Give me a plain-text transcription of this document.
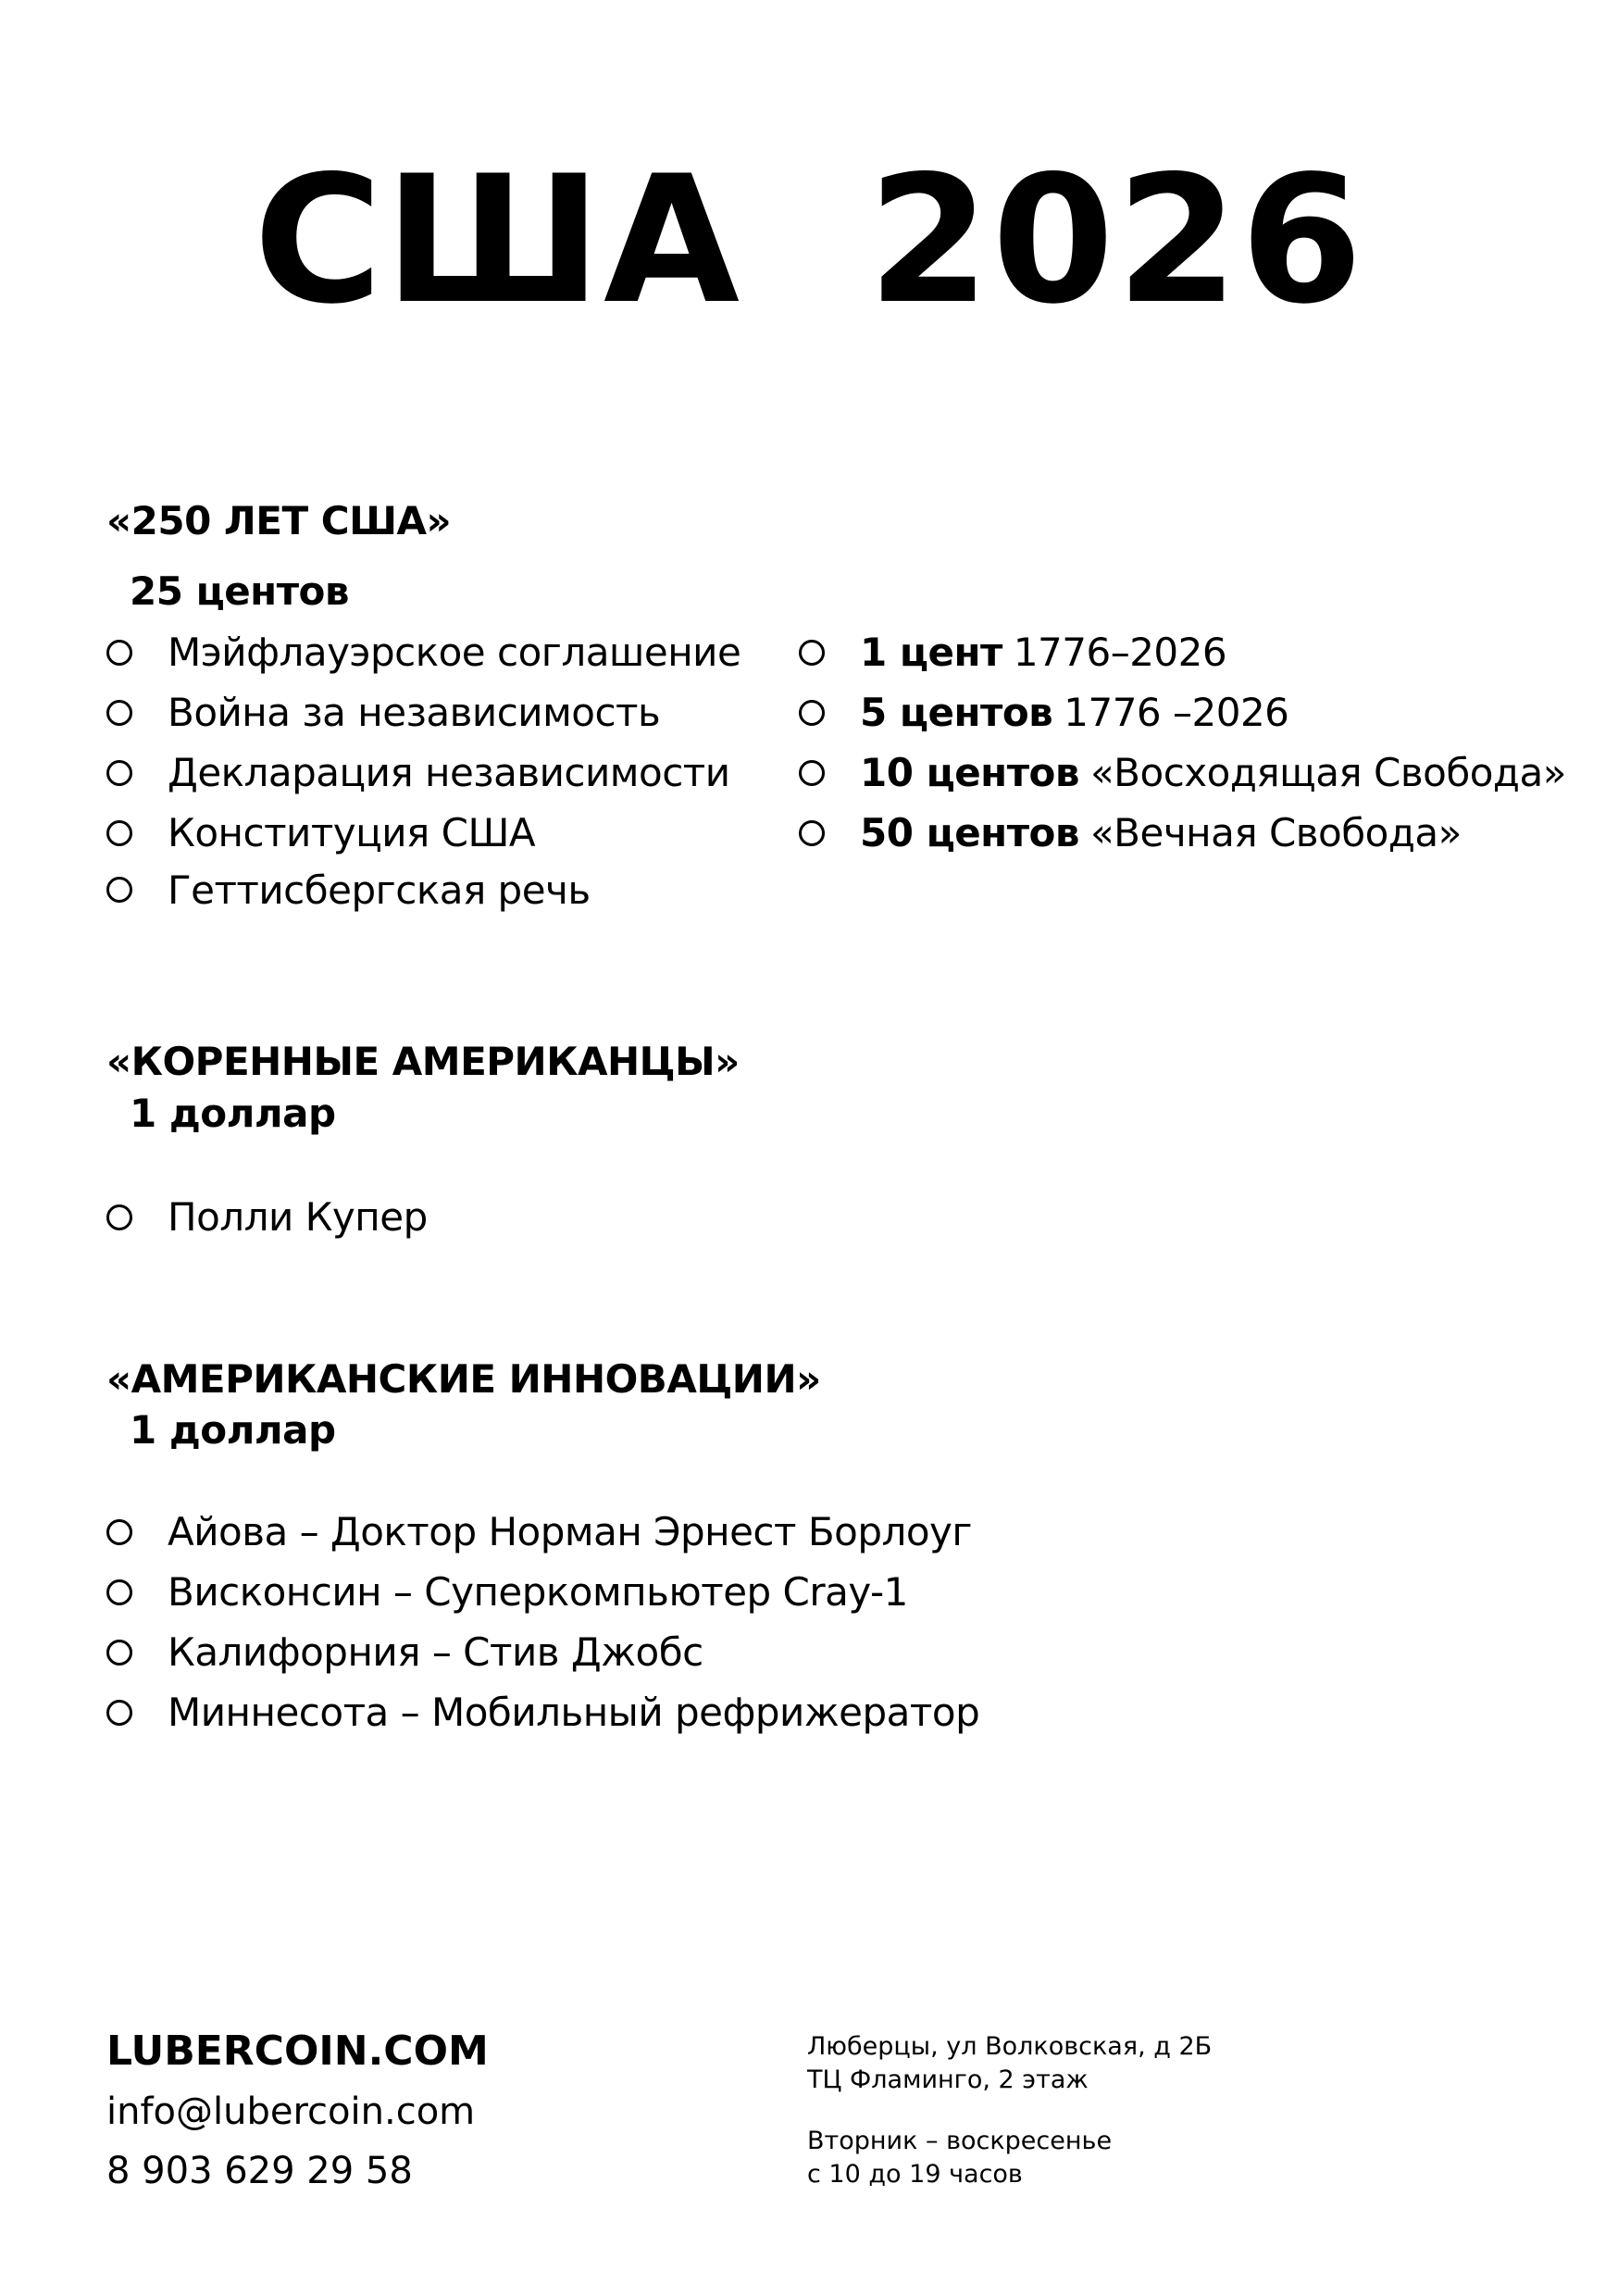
США  2026
«250 ЛЕТ США»
25 центов
Мэйфлауэрское соглашение
Война за независимость
Декларация независимости
Конституция США
Геттисбергская речь
1 цент 1776–2026
5 центов 1776 –2026
10 центов «Восходящая Свобода»
50 центов «Вечная Свобода»
«КОРЕННЫЕ АМЕРИКАНЦЫ»
1 доллар
Полли Купер
«АМЕРИКАНСКИЕ ИННОВАЦИИ»
1 доллар
Айова – Доктор Норман Эрнест Борлоуг
Висконсин – Суперкомпьютер Cray-1
Калифорния – Стив Джобс
Миннесота – Мобильный рефрижератор
LUBERCOIN.COM
info@lubercoin.com
8 903 629 29 58
Люберцы, ул Волковская, д 2Б
ТЦ Фламинго, 2 этаж
Вторник – воскресенье
с 10 до 19 часов
